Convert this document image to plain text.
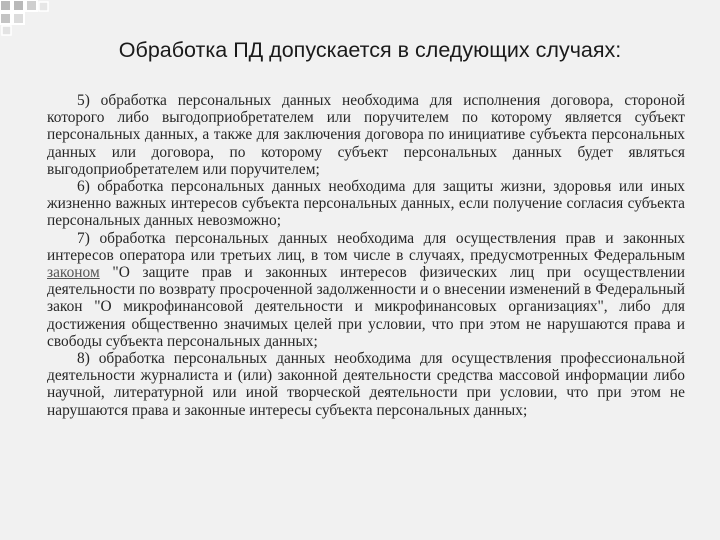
Обработка ПД допускается в следующих случаях:

5) обработка персональных данных необходима для исполнения договора, стороной которого либо выгодоприобретателем или поручителем по которому является субъект персональных данных, а также для заключения договора по инициативе субъекта персональных данных или договора, по которому субъект персональных данных будет являться выгодоприобретателем или поручителем;

6) обработка персональных данных необходима для защиты жизни, здоровья или иных жизненно важных интересов субъекта персональных данных, если получение согласия субъекта персональных данных невозможно;

7) обработка персональных данных необходима для осуществления прав и законных интересов оператора или третьих лиц, в том числе в случаях, предусмотренных Федеральным законом "О защите прав и законных интересов физических лиц при осуществлении деятельности по возврату просроченной задолженности и о внесении изменений в Федеральный закон "О микрофинансовой деятельности и микрофинансовых организациях", либо для достижения общественно значимых целей при условии, что при этом не нарушаются права и свободы субъекта персональных данных;

8) обработка персональных данных необходима для осуществления профессиональной деятельности журналиста и (или) законной деятельности средства массовой информации либо научной, литературной или иной творческой деятельности при условии, что при этом не нарушаются права и законные интересы субъекта персональных данных;
